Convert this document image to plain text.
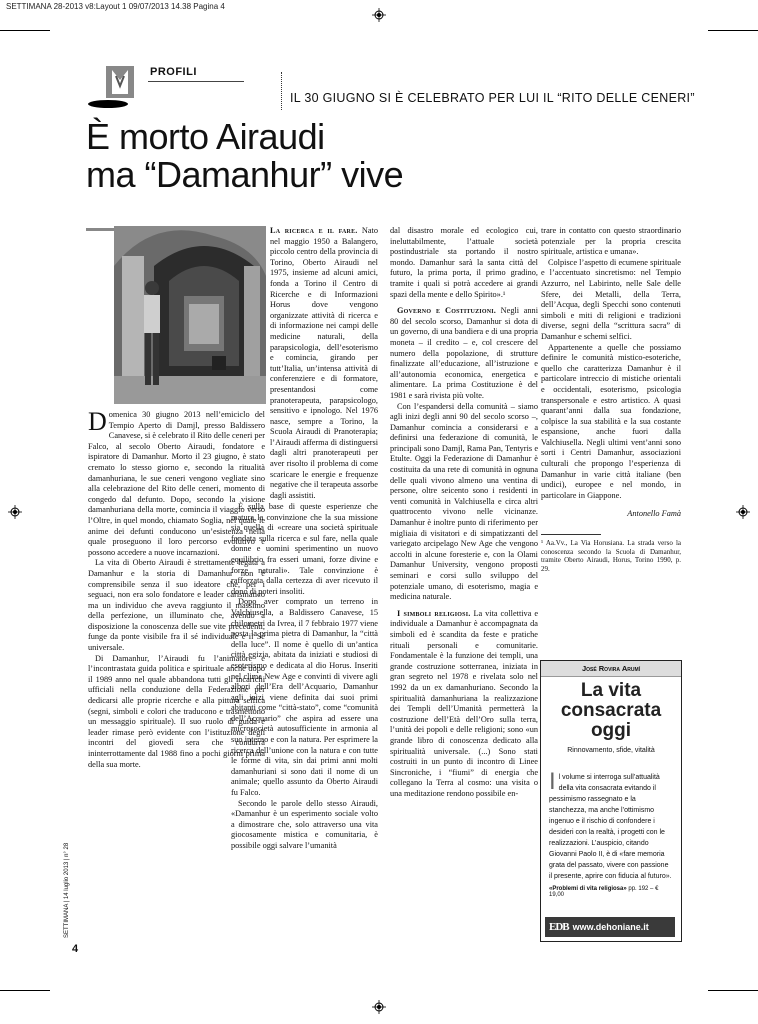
SETTIMANA 28-2013 v8:Layout 1 09/07/2013 14.38 Pagina 4
PROFILI
IL 30 GIUGNO SI È CELEBRATO PER LUI IL “RITO DELLE CENERI”
È morto Airaudi
ma “Damanhur” vive

Domenica 30 giugno 2013 nell’emiciclo del Tempio Aperto di Damjl, presso Baldissero Canavese, si è celebrato il Rito delle ceneri per Falco, al secolo Oberto Airaudi, fondatore e ispiratore di Damanhur. Morto il 23 giugno, è stato cremato lo stesso giorno e, secondo la ritualità damanhuriana, le sue ceneri vengono vegliate sino alla celebrazione del Rito delle ceneri, momento di congedo dal defunto. Dopo, secondo la visione damanhuriana della morte, comincia il viaggio verso l’Oltre, in quel mondo, chiamato Soglia, nel quale le anime dei defunti conducono un’esistenza nella quale proseguono il loro percorso evolutivo e possono accedere a nuove incarnazioni.

La vita di Oberto Airaudi è strettamente legata a Damanhur e la storia di Damanhur non è comprensibile senza il suo ideatore che, per i seguaci, non era solo fondatore e leader carismatico ma un individuo che aveva raggiunto il massimo della perfezione, un illuminato che, avendo a disposizione la conoscenza delle sue vite precedenti, funge da ponte visibile fra il sé individuale e il Sé universale.

Di Damanhur, l’Airaudi fu l’animatore e l’incontrastata guida politica e spirituale anche dopo il 1989 anno nel quale abbandona tutti gli incarichi ufficiali nella conduzione della Federazione per dedicarsi alle proprie ricerche e alla pittura selfica (segni, simboli e colori che traducono e trasmettono un messaggio spirituale). Il suo ruolo di guida e leader rimase però evidente con l’istituzione degli incontri del giovedì sera che condurrà ininterrottamente dal 1988 fino a pochi giorni prima della sua morte.

La ricerca e il fare. Nato nel maggio 1950 a Balangero, piccolo centro della provincia di Torino, Oberto Airaudi nel 1975, insieme ad alcuni amici, fonda a Torino il Centro di Ricerche e di Informazioni Horus dove vengono organizzate attività di ricerca e di informazione nei campi delle medicine naturali, della parapsicologia, dell’esoterismo e comincia, girando per tutt’Italia, un’intensa attività di conferenziere e di formatore, presentandosi come pranoterapeuta, parapsicologo, sensitivo e ipnologo. Nel 1976 nasce, sempre a Torino, la Scuola Airaudi di Pranoterapia; l’Airaudi afferma di distinguersi dagli altri pranoterapeuti per aver risolto il problema di come scaricare le energie e frequenze negative che il terapeuta assorbe dagli assistiti.

È sulla base di queste esperienze che matura la convinzione che la sua missione sia quella di «creare una società spirituale fondata sulla ricerca e sul fare, nella quale donne e uomini sperimentino un nuovo equilibrio fra esseri umani, forze divine e forze naturali». Tale convinzione è rafforzata dalla certezza di aver ricevuto il dono di poteri insoliti.

Dopo aver comprato un terreno in Valchiusella, a Baldissero Canavese, 15 chilometri da Ivrea, il 7 febbraio 1977 viene posta la prima pietra di Damanhur, la “città della luce”. Il nome è quello di un’antica città egizia, abitata da iniziati e studiosi di esoterismo e dedicata al dio Horus. Inseriti nel clima New Age e convinti di vivere agli albori dell’Era dell’Acquario, Damanhur agli inizi viene definita dai suoi primi abitanti come “città-stato”, come “comunità dell’Acquario” che aspira ad essere una microsocietà autosufficiente in armonia al suo interno e con la natura. Per esprimere la ricerca dell’unione con la natura e con tutte le forme di vita, sin dai primi anni molti damanhuriani si sono dati il nome di un animale; quello assunto da Oberto Airaudi fu Falco.

Secondo le parole dello stesso Airaudi, «Damanhur è un esperimento sociale volto a dimostrare che, solo attraverso una vita giocosamente mistica e comunitaria, è possibile oggi salvare l’umanità

dal disastro morale ed ecologico cui, ineluttabilmente, l’attuale società postindustriale sta portando il nostro mondo. Damanhur sarà la santa città del futuro, la prima porta, il primo gradino, tramite i quali si potrà accedere ai grandi spazi della mente e dello Spirito».¹

Governo e Costituzioni. Negli anni 80 del secolo scorso, Damanhur si dota di un governo, di una bandiera e di una propria moneta – il credito – e, col crescere del numero della popolazione, di strutture finalizzate all’educazione, all’istruzione e all’autonomia economica, energetica e alimentare. La prima Costituzione è del 1981 e sarà rivista più volte.

Con l’espandersi della comunità – siamo agli inizi degli anni 90 del secolo scorso –, Damanhur comincia a considerarsi e a definirsi una federazione di comunità, le principali sono Damjl, Rama Pan, Tentyris e Etulte. Oggi la Federazione di Damanhur è costituita da una rete di comunità in ognuna delle quali vivono almeno una ventina di persone, oltre seicento sono i residenti in venti comunità in Valchiusella e circa altri quattrocento vivono nelle vicinanze. Damanhur è inoltre punto di riferimento per migliaia di visitatori e di simpatizzanti del variegato arcipelago New Age che vengono accolti in alcune foresterie e, con la Olami Damanhur University, vengono proposti seminari e corsi sullo sviluppo del potenziale umano, di esoterismo, magia e medicina naturale.

I simboli religiosi. La vita collettiva e individuale a Damanhur è accompagnata da simboli ed è scandita da feste e pratiche rituali personali e comunitarie. Fondamentale è la funzione dei templi, una grande costruzione sotterranea, iniziata in gran segreto nel 1978 e rivelata solo nel 1992 da un ex damanhuriano. Secondo la spiritualità damanhuriana la realizzazione dei Templi dell’Umanità permetterà la costruzione dell’Età dell’Oro sulla terra, l’unità dei popoli e delle religioni; sono «un grande libro di conoscenza dedicato alla spiritualità universale. (...) Sono stati costruiti in un punto di incontro di Linee Sincroniche, i “fiumi” di energia che collegano la Terra al cosmo: una visita o una meditazione rendono possibile en-

trare in contatto con questo straordinario potenziale per la propria crescita spirituale, artistica e umana».

Colpisce l’aspetto di ecumene spirituale e l’accentuato sincretismo: nel Tempio Azzurro, nel Labirinto, nelle Sale delle Sfere, dei Metalli, della Terra, dell’Acqua, degli Specchi sono contenuti simboli e miti di religioni e tradizioni diverse, segni della “scrittura sacra” di Damanhur e schemi selfici.

Appartenente a quelle che possiamo definire le comunità mistico-esoteriche, quello che caratterizza Damanhur è il particolare intreccio di mistiche orientali e occidentali, esoterismo, psicologia transpersonale e estro artistico. A quasi quarant’anni dalla sua fondazione, colpisce la sua stabilità e la sua costante espansione, anche fuori dalla Valchiusella. Negli ultimi vent’anni sono sorti i Centri Damanhur, associazioni culturali che propongo l’esperienza di Damanhur in varie città italiane (ben undici), europee e nel mondo, in particolare in Giappone.

Antonello Famà
¹ Aa.Vv., La Via Horusiana. La strada verso la conoscenza secondo la Scuola di Damanhur, tramite Oberto Airaudi, Horus, Torino 1990, p. 29.
José Rovira Arumí
La vita
consacrata
oggi
Rinnovamento, sfide, vitalità
Il volume si interroga sull’attualità della vita consacrata evitando il pessimismo rassegnato e la stanchezza, ma anche l’ottimismo ingenuo e il rischio di confondere i desideri con la realtà, i progetti con le realizzazioni. L’auspicio, citando Giovanni Paolo II, è di «fare memoria grata del passato, vivere con passione il presente, aprire con fiducia al futuro».
«Problemi di vita religiosa» pp. 192 – € 19,00
EDB www.dehoniane.it
SETTIMANA | 14 luglio 2013 | n° 28
4
